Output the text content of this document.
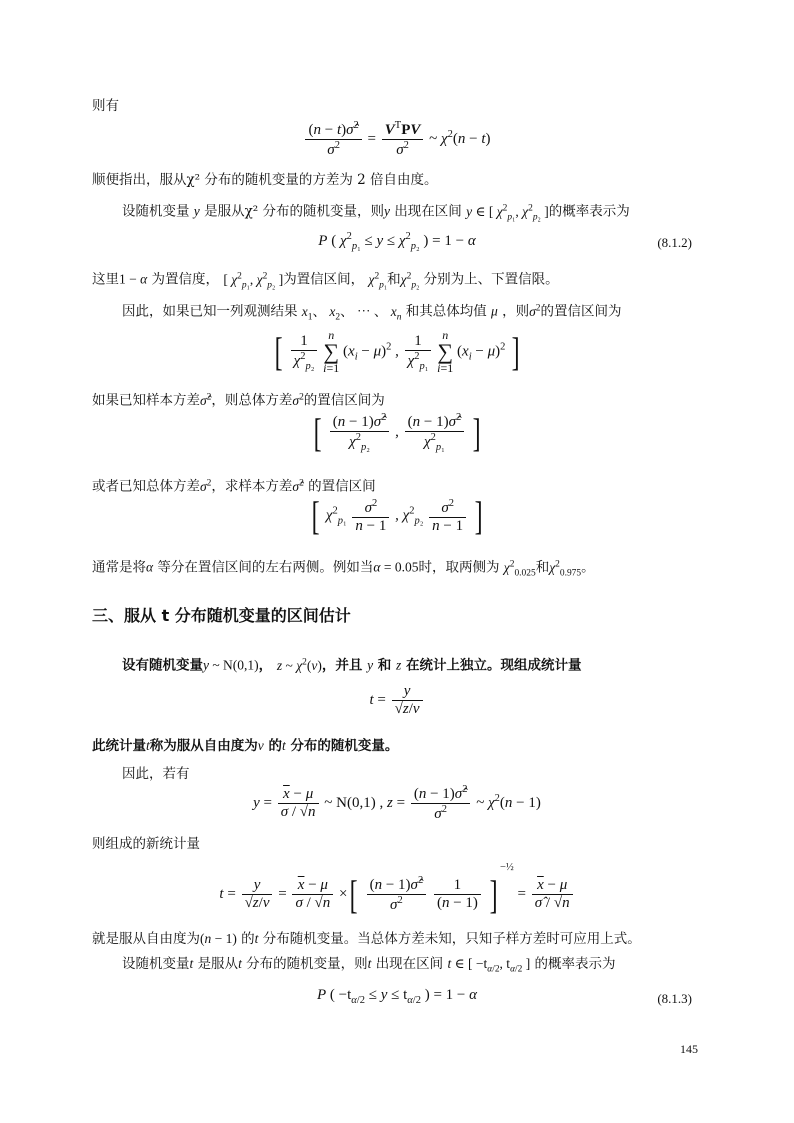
则有
$\frac{(n - t)\sigmâ^2}{\sigma^2} = \frac{V^TPV}{\sigma^2}$ ~ $\chi^2(n - t)$
顺便指出，服从χ² 分布的随机变量的方差为 2 倍自由度。
设随机变量 y 是服从χ² 分布的随机变量，则y 出现在区间 y ∈ [ $\chi^2_{p_1}$, $\chi^2_{p_2}$ ]的概率表示为
P ( $\chi^2_{p_1} \le y \le \chi^2_{p_2}$ ) = 1 − α	(8.1.2)
这里1 − α 为置信度， [ $\chi^2_{p_1}$, $\chi^2_{p_2}$ ]为置信区间， $\chi^2_{p_1}$和$\chi^2_{p_2}$ 分别为上、下置信限。
因此，如果已知一列观测结果 $x_1$、 $x_2$、 ⋯ 、 $x_n$ 和其总体均值 μ ，则$\sigma^2$的置信区间为
[ $\frac{1}{\chi^2_{p_2}}$ n
∑
i=1 $(x_i - \mu)^2$ , $\frac{1}{\chi^2_{p_1}}$ n
∑
i=1 $(x_i - \mu)^2$ ]
如果已知样本方差σ̂$^2$，则总体方差$\sigma^2$的置信区间为
[ $\frac{(n - 1)\sigmâ^2}{\chi^2_{p_2}}$ , $\frac{(n - 1)\sigmâ^2}{\chi^2_{p_1}}$ ]
或者已知总体方差$\sigma^2$，求样本方差σ̂$^2$ 的置信区间
[ $\chi^2_{p_1} \frac{\sigma^2}{n - 1}$ , $\chi^2_{p_2} \frac{\sigma^2}{n - 1}$ ]
通常是将α 等分在置信区间的左右两侧。例如当α = 0.05时，取两侧为 $\chi^2_{0.025}$和$\chi^2_{0.975}$。
三、服从 t 分布随机变量的区间估计
设有随机变量y ~ N(0,1)， z ~ $\chi^2(v)$，并且 y 和 z 在统计上独立。现组成统计量
$t = \frac{y}{√z/v}$
此统计量t称为服从自由度为v 的t 分布的随机变量。
因此，若有
$y = \frac{\overline{x} - \mu}{\sigma / √n}$ ~ N(0,1) , $z = \frac{(n - 1)\sigmâ^2}{\sigma^2}$ ~ $\chi^2(n - 1)$
则组成的新统计量
$t = \frac{y}{√z/v} = \frac{\overline{x} - \mu}{\sigma / √n}$ ×[ $\frac{(n - 1)\sigmâ^2}{\sigma^2}$
$\frac{1}{(n - 1)} ]^{-\frac{1}{2}} = \frac{\overline{x} - \mu}{\sigmâ / √n}$
就是服从自由度为(n − 1) 的t 分布随机变量。当总体方差未知，只知子样方差时可应用上式。
设随机变量t 是服从t 分布的随机变量，则t 出现在区间 t ∈ [ $-t_{\alpha/2}$, $t_{\alpha/2}$ ] 的概率表示为
P ( $-t_{\alpha/2} \le y \le t_{\alpha/2}$ ) = 1 − α	(8.1.3)
145
